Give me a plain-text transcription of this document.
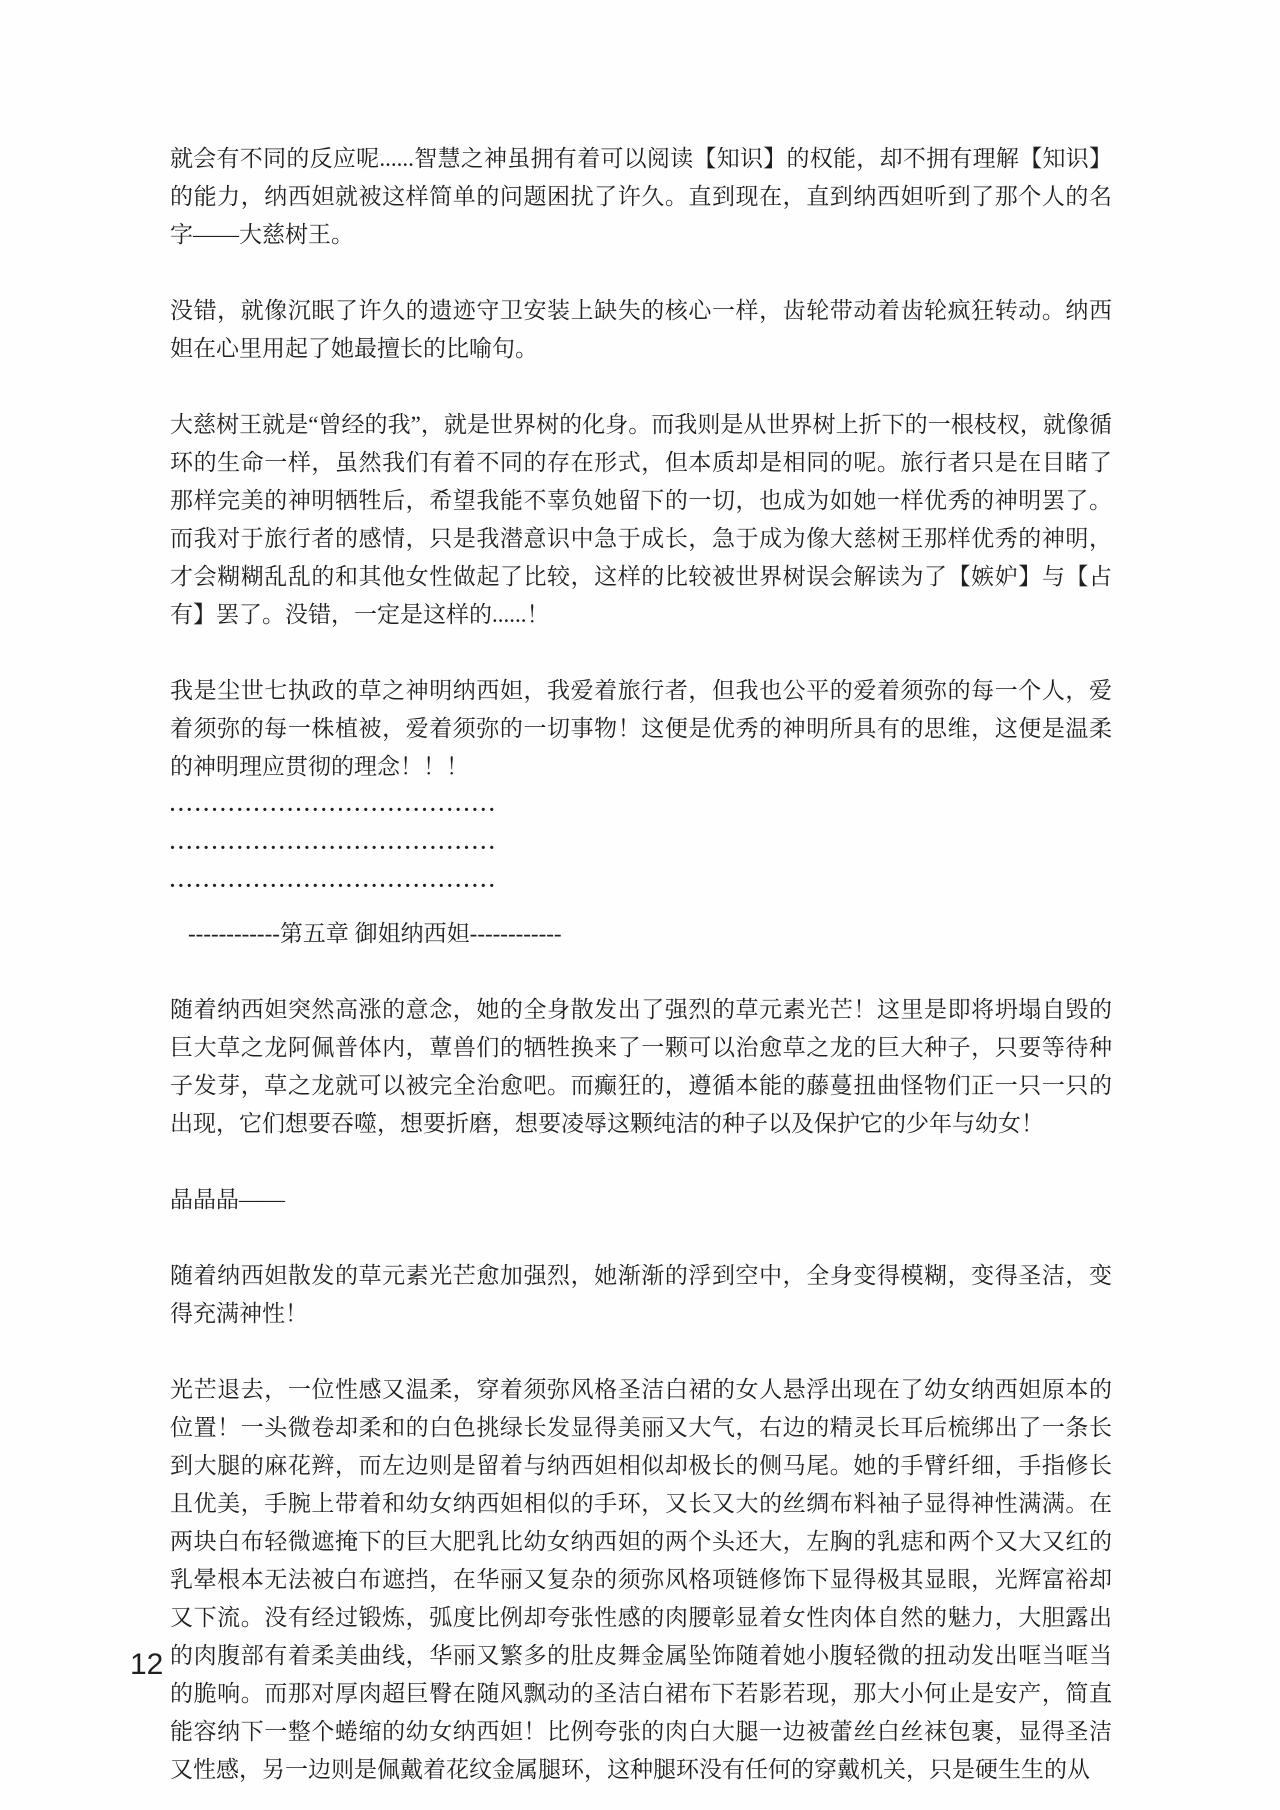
就会有不同的反应呢......智慧之神虽拥有着可以阅读【知识】的权能，却不拥有理解【知识】的能力，纳西妲就被这样简单的问题困扰了许久。直到现在，直到纳西妲听到了那个人的名字——大慈树王。

没错，就像沉眠了许久的遗迹守卫安装上缺失的核心一样，齿轮带动着齿轮疯狂转动。纳西妲在心里用起了她最擅长的比喻句。

大慈树王就是“曾经的我”，就是世界树的化身。而我则是从世界树上折下的一根枝杈，就像循环的生命一样，虽然我们有着不同的存在形式，但本质却是相同的呢。旅行者只是在目睹了那样完美的神明牺牲后，希望我能不辜负她留下的一切，也成为如她一样优秀的神明罢了。而我对于旅行者的感情，只是我潜意识中急于成长，急于成为像大慈树王那样优秀的神明，才会糊糊乱乱的和其他女性做起了比较，这样的比较被世界树误会解读为了【嫉妒】与【占有】罢了。没错，一定是这样的......！

我是尘世七执政的草之神明纳西妲，我爱着旅行者，但我也公平的爱着须弥的每一个人，爱着须弥的每一株植被，爱着须弥的一切事物！这便是优秀的神明所具有的思维，这便是温柔的神明理应贯彻的理念！！！

.......................................

.......................................

.......................................

------------第五章 御姐纳西妲------------

随着纳西妲突然高涨的意念，她的全身散发出了强烈的草元素光芒！这里是即将坍塌自毁的巨大草之龙阿佩普体内，蕈兽们的牺牲换来了一颗可以治愈草之龙的巨大种子，只要等待种子发芽，草之龙就可以被完全治愈吧。而癫狂的，遵循本能的藤蔓扭曲怪物们正一只一只的出现，它们想要吞噬，想要折磨，想要凌辱这颗纯洁的种子以及保护它的少年与幼女！

晶晶晶——

随着纳西妲散发的草元素光芒愈加强烈，她渐渐的浮到空中，全身变得模糊，变得圣洁，变得充满神性！

光芒退去，一位性感又温柔，穿着须弥风格圣洁白裙的女人悬浮出现在了幼女纳西妲原本的位置！一头微卷却柔和的白色挑绿长发显得美丽又大气，右边的精灵长耳后梳绑出了一条长到大腿的麻花辫，而左边则是留着与纳西妲相似却极长的侧马尾。她的手臂纤细，手指修长且优美，手腕上带着和幼女纳西妲相似的手环，又长又大的丝绸布料袖子显得神性满满。在两块白布轻微遮掩下的巨大肥乳比幼女纳西妲的两个头还大，左胸的乳痣和两个又大又红的乳晕根本无法被白布遮挡，在华丽又复杂的须弥风格项链修饰下显得极其显眼，光辉富裕却又下流。没有经过锻炼，弧度比例却夸张性感的肉腰彰显着女性肉体自然的魅力，大胆露出的肉腹部有着柔美曲线，华丽又繁多的肚皮舞金属坠饰随着她小腹轻微的扭动发出哐当哐当的脆响。而那对厚肉超巨臀在随风飘动的圣洁白裙布下若影若现，那大小何止是安产，简直能容纳下一整个蜷缩的幼女纳西妲！比例夸张的肉白大腿一边被蕾丝白丝袜包裹，显得圣洁又性感，另一边则是佩戴着花纹金属腿环，这种腿环没有任何的穿戴机关，只是硬生生的从

12
